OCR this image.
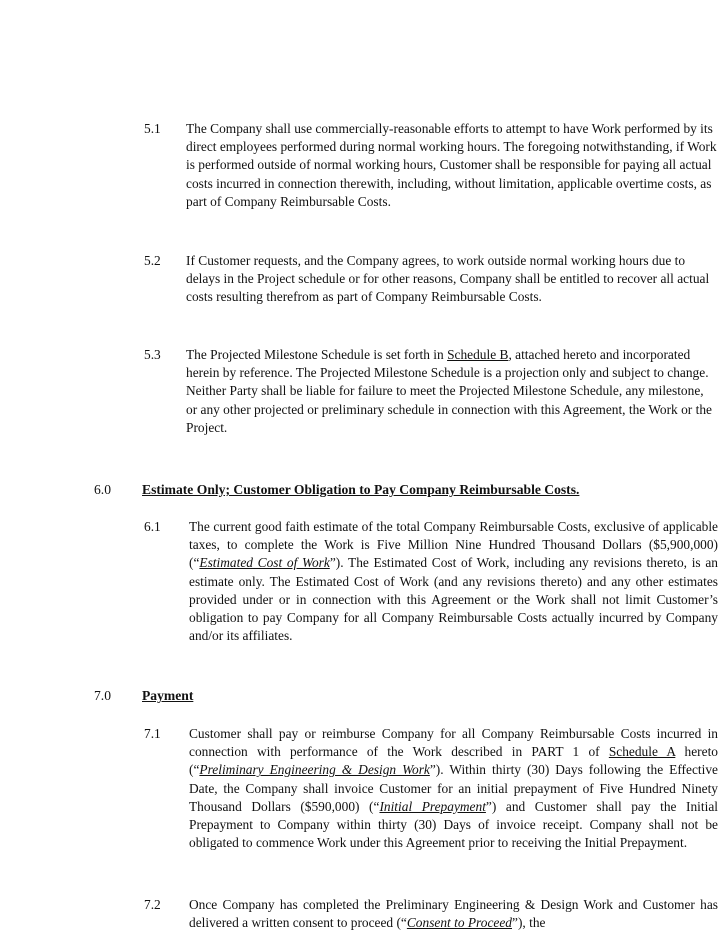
5.1 The Company shall use commercially-reasonable efforts to attempt to have Work performed by its direct employees performed during normal working hours. The foregoing notwithstanding, if Work is performed outside of normal working hours, Customer shall be responsible for paying all actual costs incurred in connection therewith, including, without limitation, applicable overtime costs, as part of Company Reimbursable Costs.
5.2 If Customer requests, and the Company agrees, to work outside normal working hours due to delays in the Project schedule or for other reasons, Company shall be entitled to recover all actual costs resulting therefrom as part of Company Reimbursable Costs.
5.3 The Projected Milestone Schedule is set forth in Schedule B, attached hereto and incorporated herein by reference. The Projected Milestone Schedule is a projection only and subject to change. Neither Party shall be liable for failure to meet the Projected Milestone Schedule, any milestone, or any other projected or preliminary schedule in connection with this Agreement, the Work or the Project.
6.0 Estimate Only; Customer Obligation to Pay Company Reimbursable Costs.
6.1 The current good faith estimate of the total Company Reimbursable Costs, exclusive of applicable taxes, to complete the Work is Five Million Nine Hundred Thousand Dollars ($5,900,000) (“Estimated Cost of Work”). The Estimated Cost of Work, including any revisions thereto, is an estimate only. The Estimated Cost of Work (and any revisions thereto) and any other estimates provided under or in connection with this Agreement or the Work shall not limit Customer’s obligation to pay Company for all Company Reimbursable Costs actually incurred by Company and/or its affiliates.
7.0 Payment
7.1 Customer shall pay or reimburse Company for all Company Reimbursable Costs incurred in connection with performance of the Work described in PART 1 of Schedule A hereto (“Preliminary Engineering & Design Work”). Within thirty (30) Days following the Effective Date, the Company shall invoice Customer for an initial prepayment of Five Hundred Ninety Thousand Dollars ($590,000) (“Initial Prepayment”) and Customer shall pay the Initial Prepayment to Company within thirty (30) Days of invoice receipt. Company shall not be obligated to commence Work under this Agreement prior to receiving the Initial Prepayment.
7.2 Once Company has completed the Preliminary Engineering & Design Work and Customer has delivered a written consent to proceed (“Consent to Proceed”), the
